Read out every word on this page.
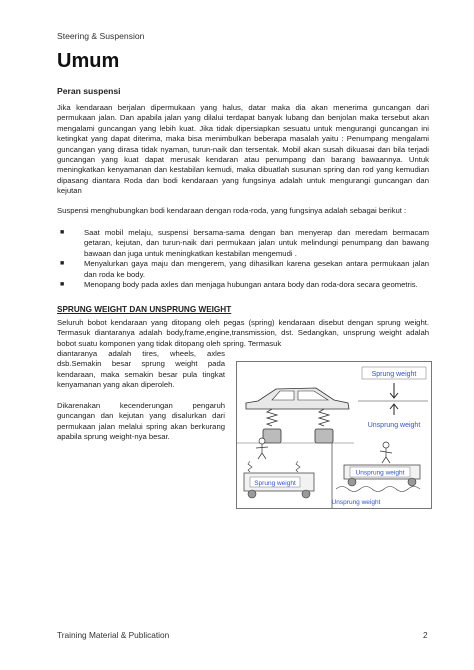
Steering & Suspension
Umum
Peran suspensi

Jika kendaraan berjalan dipermukaan yang halus, datar maka dia akan menerima guncangan dari permukaan jalan. Dan apabila jalan yang dilalui terdapat banyak lubang dan benjolan maka tersebut akan mengalami guncangan yang lebih kuat. Jika tidak dipersiapkan sesuatu untuk mengurangi guncangan ini ketingkat yang dapat diterima, maka bisa menimbulkan beberapa masalah yaitu : Penumpang mengalami guncangan yang dirasa tidak nyaman, turun-naik dan tersentak. Mobil akan susah dikuasai dan bila terjadi guncangan yang kuat dapat merusak kendaran atau penumpang dan barang bawaannya. Untuk meningkatkan kenyamanan dan kestabilan kemudi, maka dibuatlah susunan spring dan rod yang kemudian dipasang diantara Roda dan bodi kendaraan yang fungsinya adalah untuk mengurangi guncangan dan kejutan

Suspensi menghubungkan bodi kendaraan dengan roda-roda, yang fungsinya adalah sebagai berikut :

■	Saat mobil melaju, suspensi bersama-sama dengan ban menyerap dan meredam bermacam getaran, kejutan, dan turun-naik dari permukaan jalan untuk melindungi penumpang dan bawang bawaan dan juga untuk meningkatkan kestabilan mengemudi .
■	Menyalurkan gaya maju dan mengerem, yang dihasilkan karena gesekan antara permukaan jalan dan roda ke body.
■	Menopang body pada axles dan menjaga hubungan antara body dan roda-dora secara geometris.
SPRUNG WEIGHT DAN UNSPRUNG WEIGHT

Seluruh bobot kendaraan yang ditopang oleh pegas (spring) kendaraan disebut dengan sprung weight. Termasuk diantaranya adalah body,frame,engine,transmission, dst. Sedangkan, unsprung weight adalah bobot suatu komponen yang tidak ditopang oleh spring. Termasuk

diantaranya adalah tires, wheels, axles dsb.Semakin besar sprung weight pada kendaraan, maka semakin besar pula tingkat kenyamanan yang akan diperoleh.

Dikarenakan kecenderungan pengaruh guncangan dan kejutan yang disalurkan dari permukaan jalan melalui spring akan berkurang apabila sprung weight-nya besar.

Sprung weight
Unsprung weight
Sprung weight
Unsprung weight
Unsprung weight
Training Material & Publication	2
